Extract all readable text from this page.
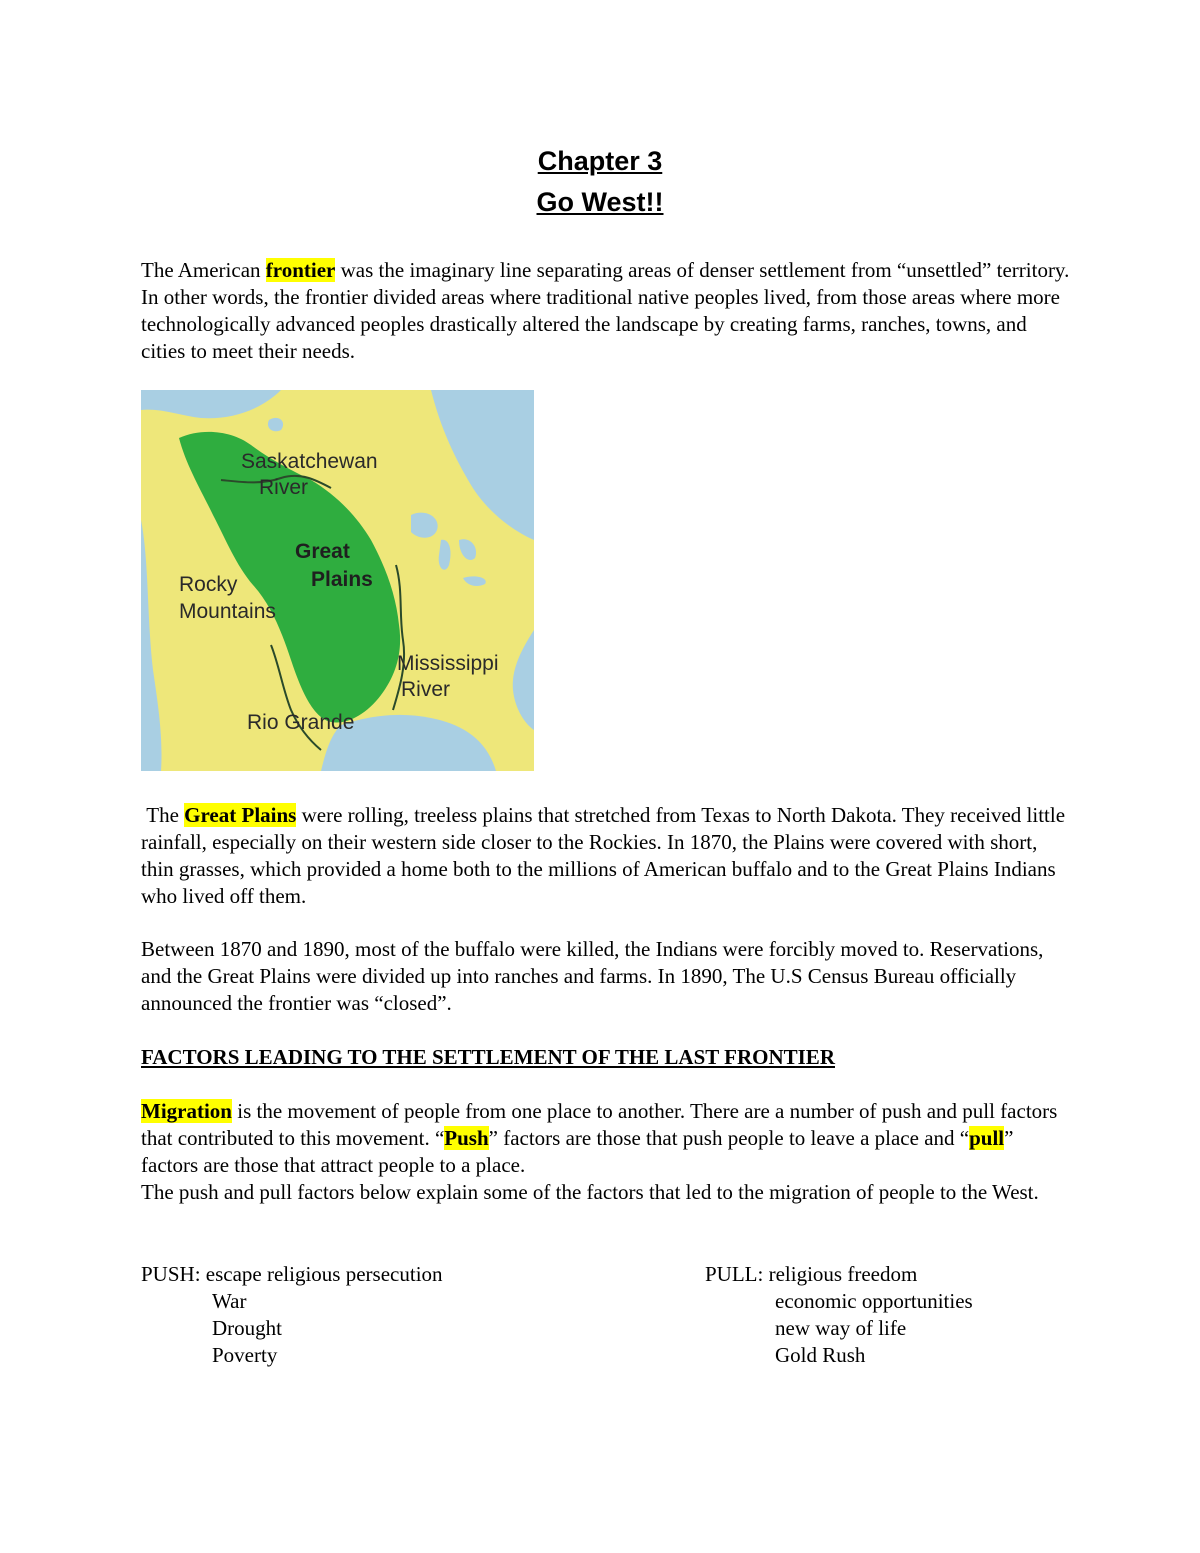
Chapter 3
Go West!!

The American frontier was the imaginary line separating areas of denser settlement from “unsettled” territory. In other words, the frontier divided areas where traditional native peoples lived, from those areas where more technologically advanced peoples drastically altered the landscape by creating farms, ranches, towns, and cities to meet their needs.

Saskatchewan
River
Great
Plains
Rocky
Mountains
Mississippi
River
Rio Grande

The Great Plains were rolling, treeless plains that stretched from Texas to North Dakota. They received little rainfall, especially on their western side closer to the Rockies. In 1870, the Plains were covered with short, thin grasses, which provided a home both to the millions of American buffalo and to the Great Plains Indians who lived off them.

Between 1870 and 1890, most of the buffalo were killed, the Indians were forcibly moved to. Reservations, and the Great Plains were divided up into ranches and farms. In 1890, The U.S Census Bureau officially announced the frontier was “closed”.

FACTORS LEADING TO THE SETTLEMENT OF THE LAST FRONTIER

Migration is the movement of people from one place to another. There are a number of push and pull factors that contributed to this movement. “Push” factors are those that push people to leave a place and “pull” factors are those that attract people to a place.

The push and pull factors below explain some of the factors that led to the migration of people to the West.

PUSH: escape religious persecution
War
Drought
Poverty
PULL: religious freedom
economic opportunities
new way of life
Gold Rush
